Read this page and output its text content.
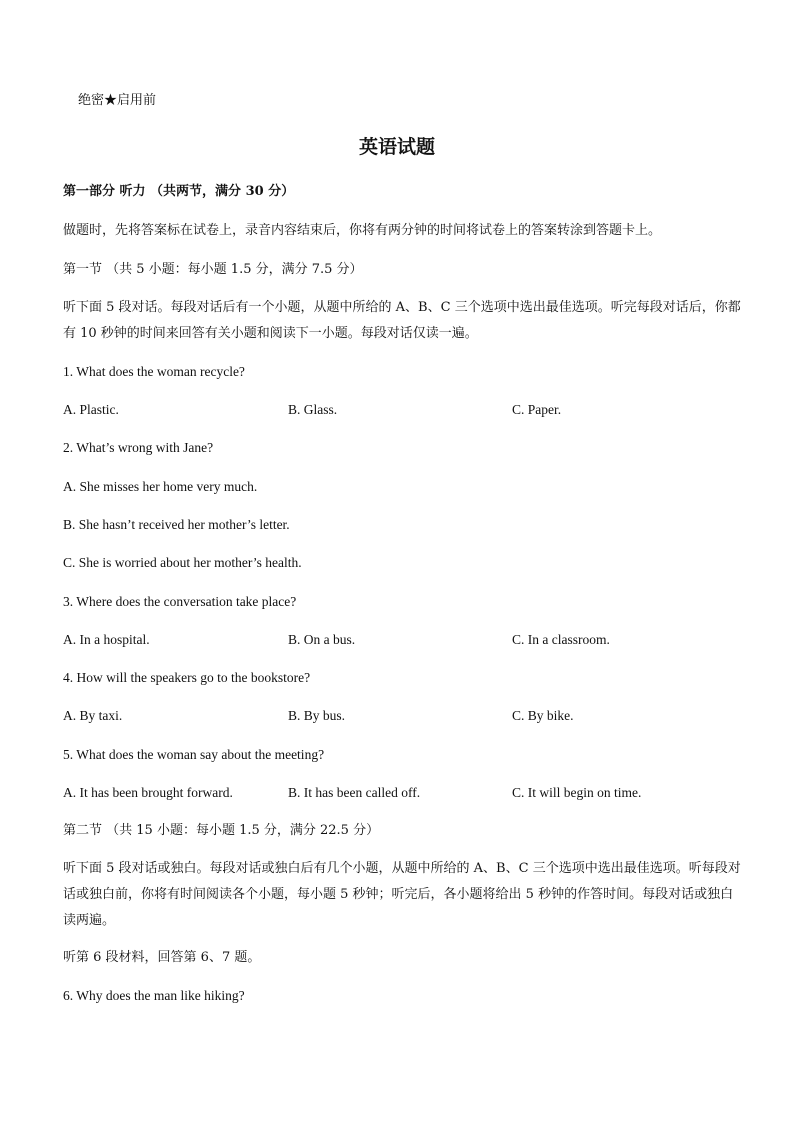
绝密★启用前
英语试题
第一部分 听力 （共两节，满分 30 分）
做题时，先将答案标在试卷上，录音内容结束后，你将有两分钟的时间将试卷上的答案转涂到答题卡上。
第一节 （共 5 小题：每小题 1.5 分，满分 7.5 分）
听下面 5 段对话。每段对话后有一个小题，从题中所给的 A、B、C 三个选项中选出最佳选项。听完每段对话后，你都有 10 秒钟的时间来回答有关小题和阅读下一小题。每段对话仅读一遍。
1. What does the woman recycle?
A. Plastic.	B. Glass.	C. Paper.
2. What’s wrong with Jane?
A. She misses her home very much.
B. She hasn’t received her mother’s letter.
C. She is worried about her mother’s health.
3. Where does the conversation take place?
A. In a hospital.	B. On a bus.	C. In a classroom.
4. How will the speakers go to the bookstore?
A. By taxi.	B. By bus.	C. By bike.
5. What does the woman say about the meeting?
A. It has been brought forward.	B. It has been called off.	C. It will begin on time.
第二节 （共 15 小题：每小题 1.5 分，满分 22.5 分）
听下面 5 段对话或独白。每段对话或独白后有几个小题，从题中所给的 A、B、C 三个选项中选出最佳选项。听每段对话或独白前，你将有时间阅读各个小题，每小题 5 秒钟；听完后，各小题将给出 5 秒钟的作答时间。每段对话或独白读两遍。
听第 6 段材料，回答第 6、7 题。
6. Why does the man like hiking?
